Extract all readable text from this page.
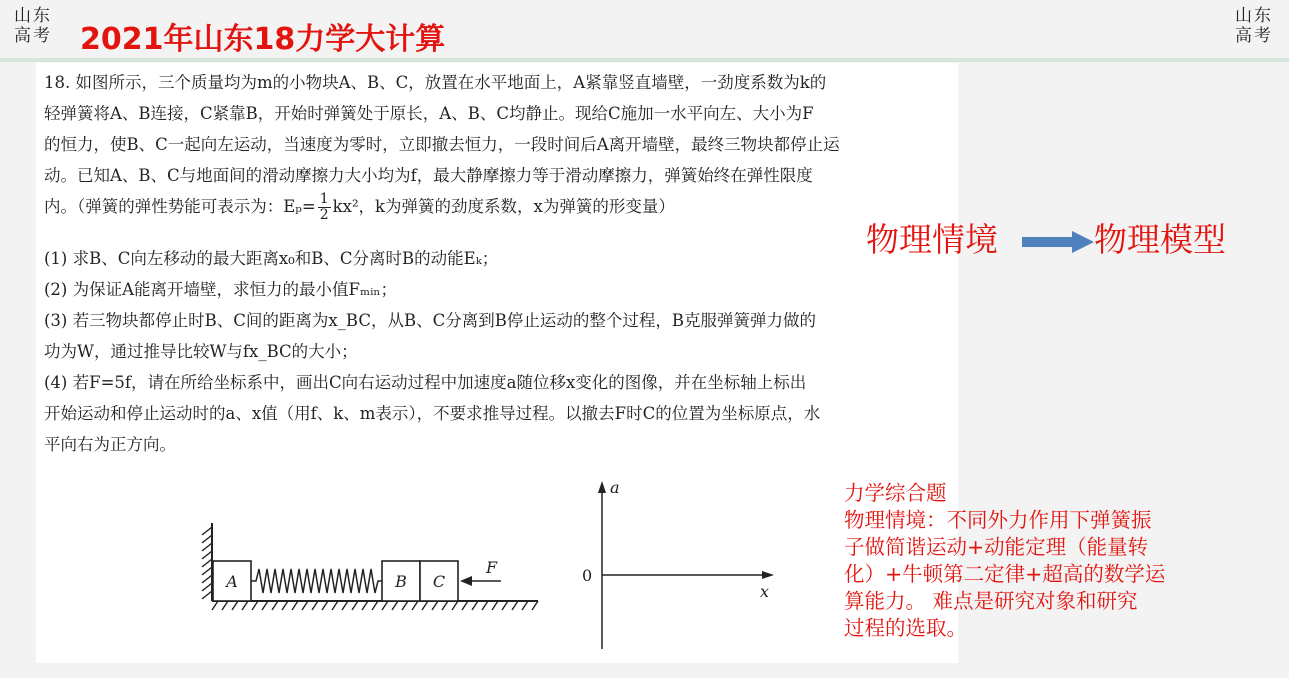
山东
高考 2021年山东18力学大计算
山东
高考

18. 如图所示，三个质量均为m的小物块A、B、C，放置在水平地面上，A紧靠竖直墙壁，一劲度系数为k的

轻弹簧将A、B连接，C紧靠B，开始时弹簧处于原长，A、B、C均静止。现给C施加一水平向左、大小为F

的恒力，使B、C一起向左运动，当速度为零时，立即撤去恒力，一段时间后A离开墙壁，最终三物块都停止运

动。已知A、B、C与地面间的滑动摩擦力大小均为f，最大静摩擦力等于滑动摩擦力，弹簧始终在弹性限度

内。（弹簧的弹性势能可表示为：$E_p= \frac{1}{2} kx^2$，k为弹簧的劲度系数，x为弹簧的形变量）

(1) 求B、C向左移动的最大距离x₀和B、C分离时B的动能Eₖ；

(2) 为保证A能离开墙壁，求恒力的最小值Fₘᵢₙ；

(3) 若三物块都停止时B、C间的距离为x_BC，从B、C分离到B停止运动的整个过程，B克服弹簧弹力做的

功为W，通过推导比较W与fx_BC的大小；

(4) 若F=5f，请在所给坐标系中，画出C向右运动过程中加速度a随位移x变化的图像，并在坐标轴上标出

开始运动和停止运动时的a、x值（用f、k、m表示），不要求推导过程。以撤去F时C的位置为坐标原点，水

平向右为正方向。

A	B C
F
a
x
0
物理情境	物理模型

力学综合题

物理情境：不同外力作用下弹簧振

子做简谐运动+动能定理（能量转

化）+牛顿第二定律+超高的数学运

算能力。 难点是研究对象和研究

过程的选取。
